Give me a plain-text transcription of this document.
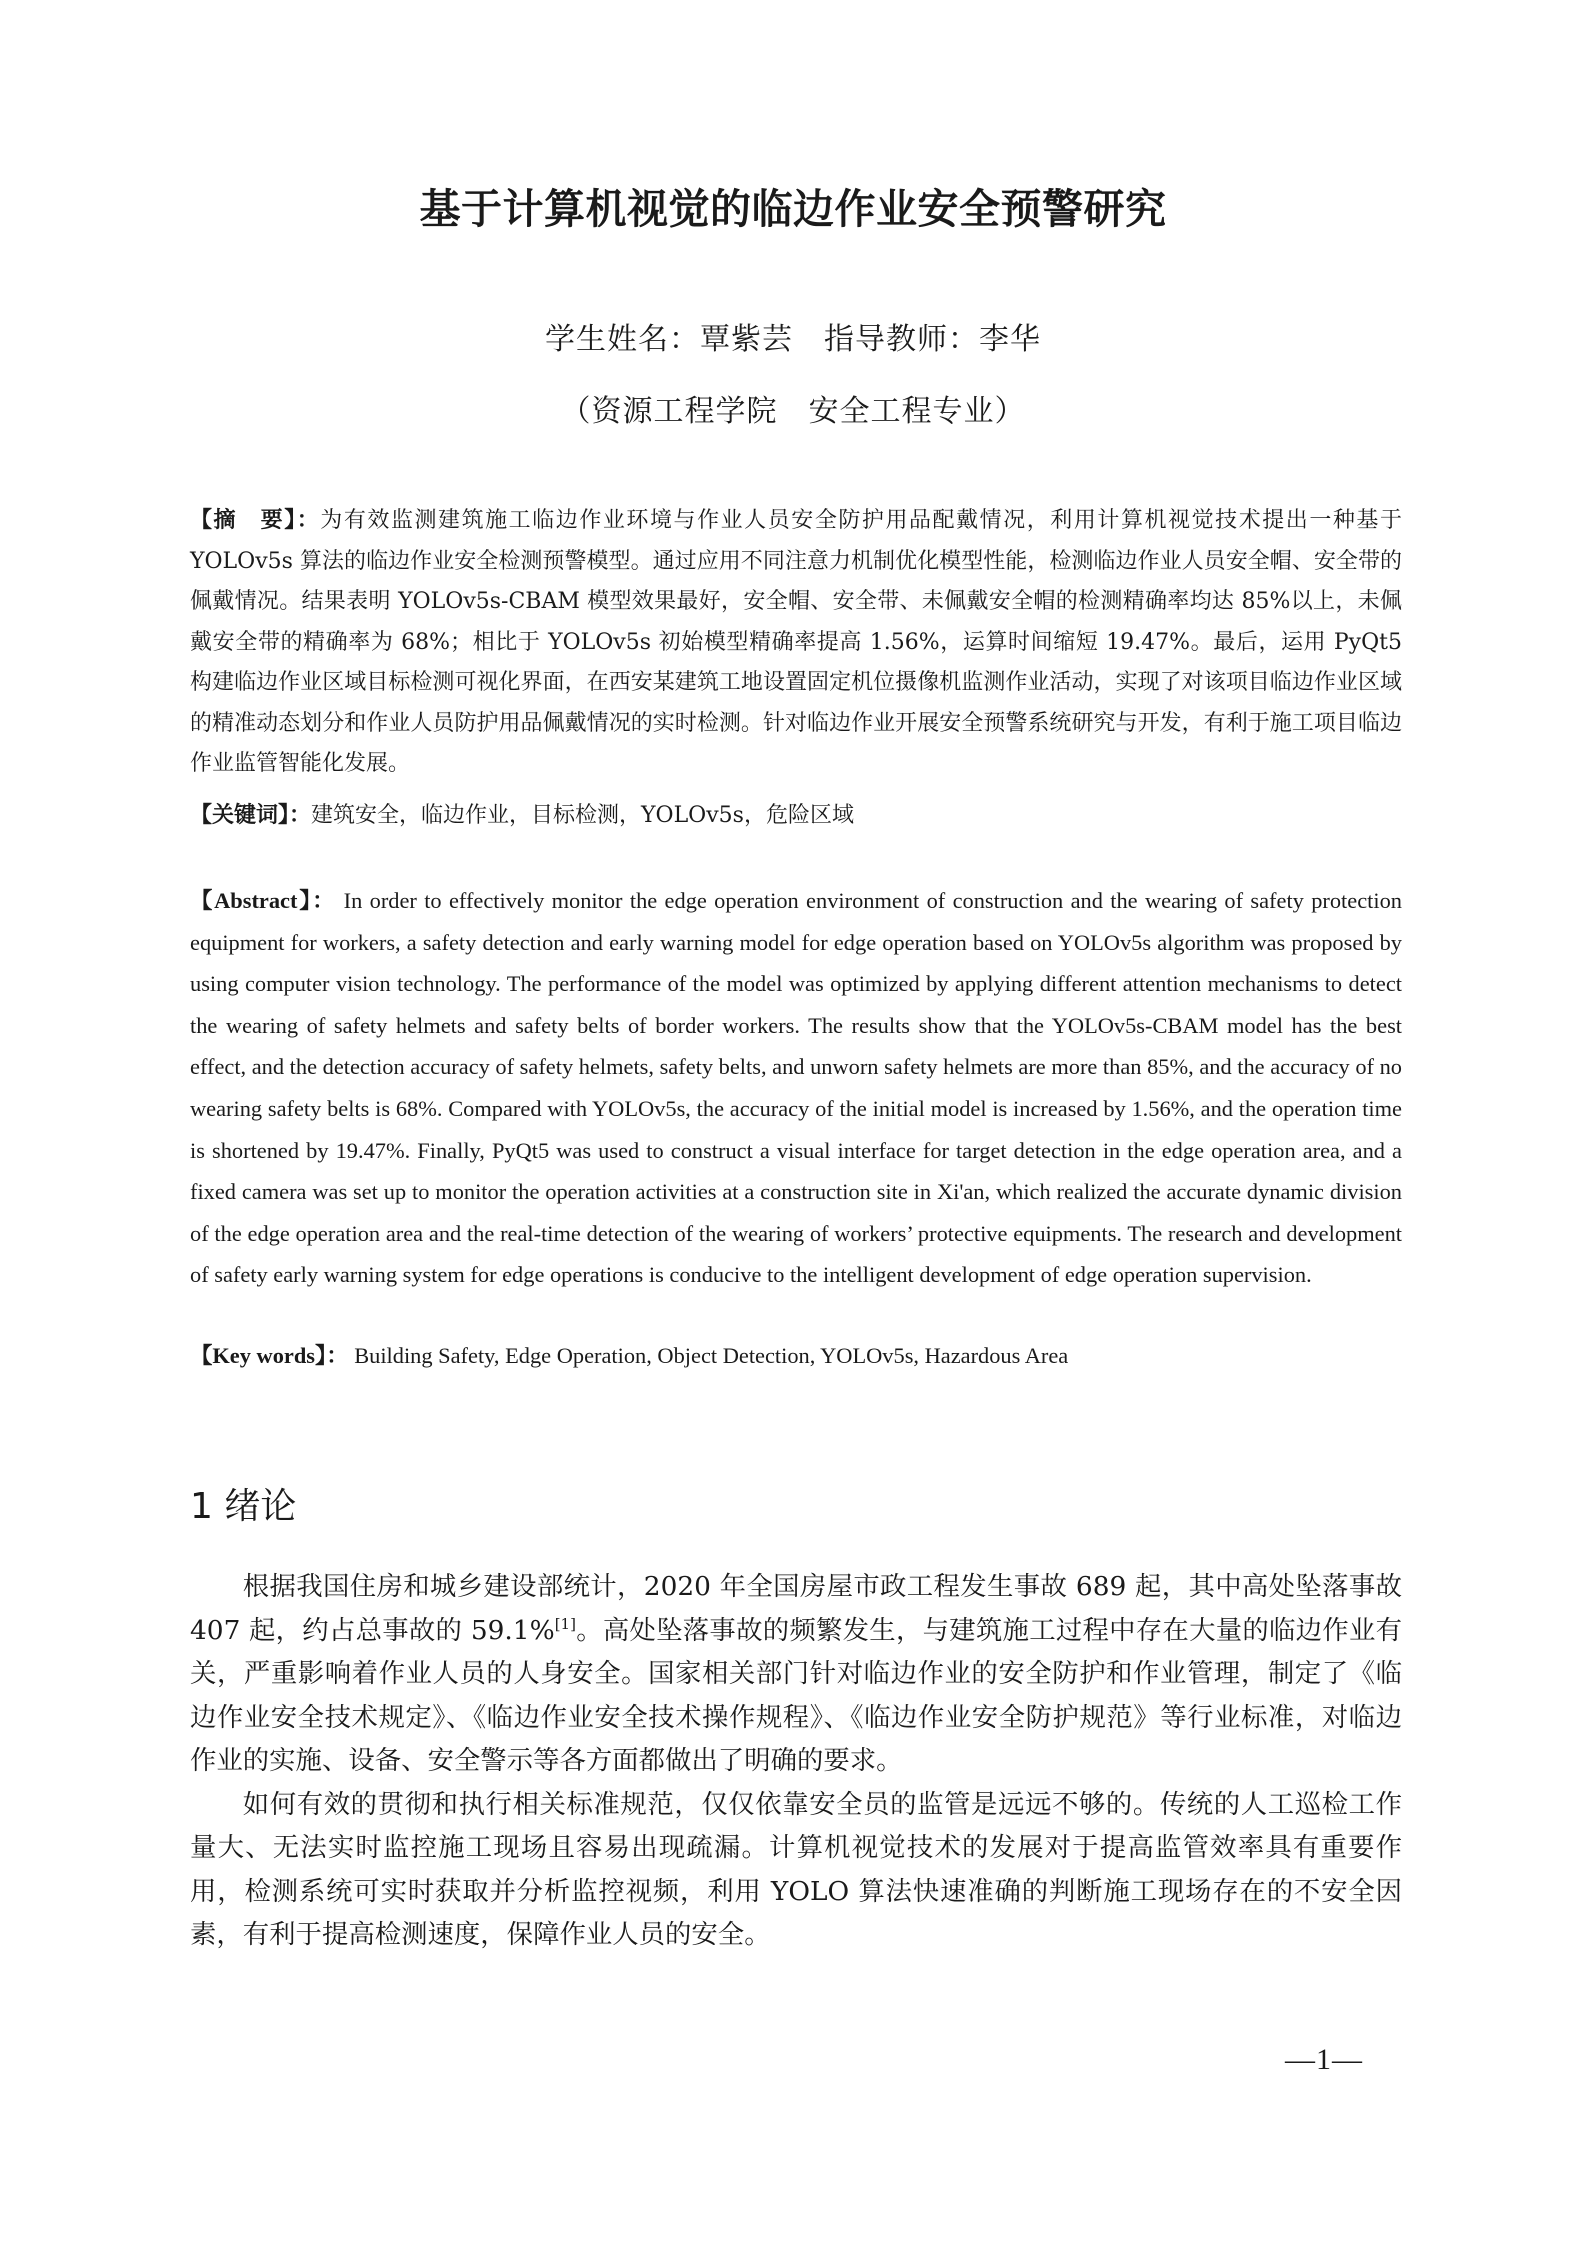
基于计算机视觉的临边作业安全预警研究
学生姓名：覃紫芸　指导教师：李华
（资源工程学院　安全工程专业）
【摘　要】：为有效监测建筑施工临边作业环境与作业人员安全防护用品配戴情况，利用计算机视觉技术提出一种基于 YOLOv5s 算法的临边作业安全检测预警模型。通过应用不同注意力机制优化模型性能，检测临边作业人员安全帽、安全带的佩戴情况。结果表明 YOLOv5s-CBAM 模型效果最好，安全帽、安全带、未佩戴安全帽的检测精确率均达 85%以上，未佩戴安全带的精确率为 68%；相比于 YOLOv5s 初始模型精确率提高 1.56%，运算时间缩短 19.47%。最后，运用 PyQt5 构建临边作业区域目标检测可视化界面，在西安某建筑工地设置固定机位摄像机监测作业活动，实现了对该项目临边作业区域的精准动态划分和作业人员防护用品佩戴情况的实时检测。针对临边作业开展安全预警系统研究与开发，有利于施工项目临边作业监管智能化发展。
【关键词】：建筑安全，临边作业，目标检测，YOLOv5s，危险区域
【Abstract】： In order to effectively monitor the edge operation environment of construction and the wearing of safety protection equipment for workers, a safety detection and early warning model for edge operation based on YOLOv5s algorithm was proposed by using computer vision technology. The performance of the model was optimized by applying different attention mechanisms to detect the wearing of safety helmets and safety belts of border workers. The results show that the YOLOv5s-CBAM model has the best effect, and the detection accuracy of safety helmets, safety belts, and unworn safety helmets are more than 85%, and the accuracy of no wearing safety belts is 68%. Compared with YOLOv5s, the accuracy of the initial model is increased by 1.56%, and the operation time is shortened by 19.47%. Finally, PyQt5 was used to construct a visual interface for target detection in the edge operation area, and a fixed camera was set up to monitor the operation activities at a construction site in Xi'an, which realized the accurate dynamic division of the edge operation area and the real-time detection of the wearing of workers’ protective equipments. The research and development of safety early warning system for edge operations is conducive to the intelligent development of edge operation supervision.
【Key words】： Building Safety, Edge Operation, Object Detection, YOLOv5s, Hazardous Area
1 绪论

根据我国住房和城乡建设部统计，2020 年全国房屋市政工程发生事故 689 起，其中高处坠落事故 407 起，约占总事故的 59.1%[1]。高处坠落事故的频繁发生，与建筑施工过程中存在大量的临边作业有关，严重影响着作业人员的人身安全。国家相关部门针对临边作业的安全防护和作业管理，制定了《临边作业安全技术规定》、《临边作业安全技术操作规程》、《临边作业安全防护规范》等行业标准，对临边作业的实施、设备、安全警示等各方面都做出了明确的要求。

如何有效的贯彻和执行相关标准规范，仅仅依靠安全员的监管是远远不够的。传统的人工巡检工作量大、无法实时监控施工现场且容易出现疏漏。计算机视觉技术的发展对于提高监管效率具有重要作用，检测系统可实时获取并分析监控视频，利用 YOLO 算法快速准确的判断施工现场存在的不安全因素，有利于提高检测速度，保障作业人员的安全。

—1—
